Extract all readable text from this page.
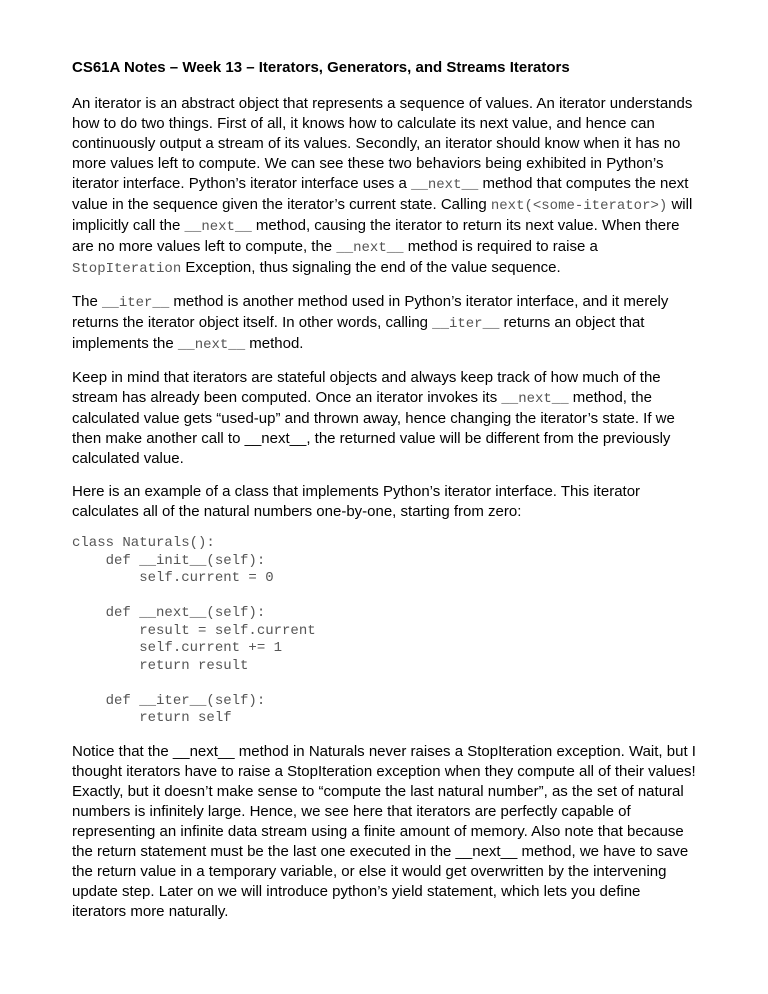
CS61A Notes – Week 13 – Iterators, Generators, and Streams Iterators

An iterator is an abstract object that represents a sequence of values. An iterator understands how to do two things. First of all, it knows how to calculate its next value, and hence can continuously output a stream of its values. Secondly, an iterator should know when it has no more values left to compute. We can see these two behaviors being exhibited in Python’s iterator interface. Python’s iterator interface uses a __next__ method that computes the next value in the sequence given the iterator’s current state. Calling next(<some-iterator>) will implicitly call the __next__ method, causing the iterator to return its next value. When there are no more values left to compute, the __next__ method is required to raise a StopIteration Exception, thus signaling the end of the value sequence.

The __iter__ method is another method used in Python’s iterator interface, and it merely returns the iterator object itself. In other words, calling __iter__ returns an object that implements the __next__ method.

Keep in mind that iterators are stateful objects and always keep track of how much of the stream has already been computed. Once an iterator invokes its __next__ method, the calculated value gets “used-up” and thrown away, hence changing the iterator’s state. If we then make another call to __next__, the returned value will be different from the previously calculated value.

Here is an example of a class that implements Python’s iterator interface. This iterator calculates all of the natural numbers one-by-one, starting from zero:

class Naturals():
def __init__(self):
self.current = 0

def __next__(self):
result = self.current
self.current += 1
return result

def __iter__(self):
return self

Notice that the __next__ method in Naturals never raises a StopIteration exception. Wait, but I thought iterators have to raise a StopIteration exception when they compute all of their values! Exactly, but it doesn’t make sense to “compute the last natural number”, as the set of natural numbers is infinitely large. Hence, we see here that iterators are perfectly capable of representing an infinite data stream using a finite amount of memory. Also note that because the return statement must be the last one executed in the __next__ method, we have to save the return value in a temporary variable, or else it would get overwritten by the intervening update step. Later on we will introduce python’s yield statement, which lets you define iterators more naturally.
